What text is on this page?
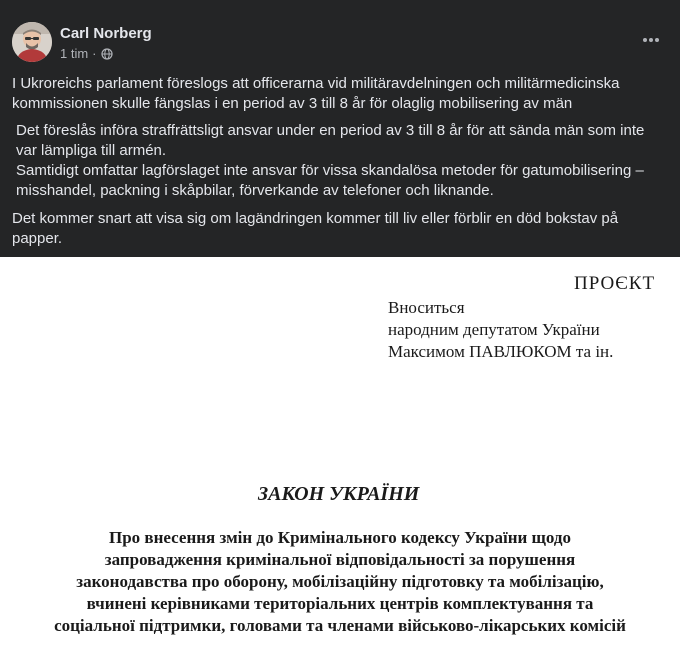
Carl Norberg
1 tim ·
I Ukroreichs parlament föreslogs att officerarna vid militäravdelningen och militärmedicinska kommissionen skulle fängslas i en period av 3 till 8 år för olaglig mobilisering av män
Det föreslås införa straffrättsligt ansvar under en period av 3 till 8 år för att sända män som inte var lämpliga till armén.
Samtidigt omfattar lagförslaget inte ansvar för vissa skandalösa metoder för gatumobilisering – misshandel, packning i skåpbilar, förverkande av telefoner och liknande.
Det kommer snart att visa sig om lagändringen kommer till liv eller förblir en död bokstav på papper.
ПРОЄКТ
Вноситься
народним депутатом України
Максимом ПАВЛЮКОМ та ін.
ЗАКОН УКРАЇНИ
Про внесення змін до Кримінального кодексу України щодо
запровадження кримінальної відповідальності за порушення
законодавства про оборону, мобілізаційну підготовку та мобілізацію,
вчинені керівниками територіальних центрів комплектування та
соціальної підтримки, головами та членами військово-лікарських комісій
